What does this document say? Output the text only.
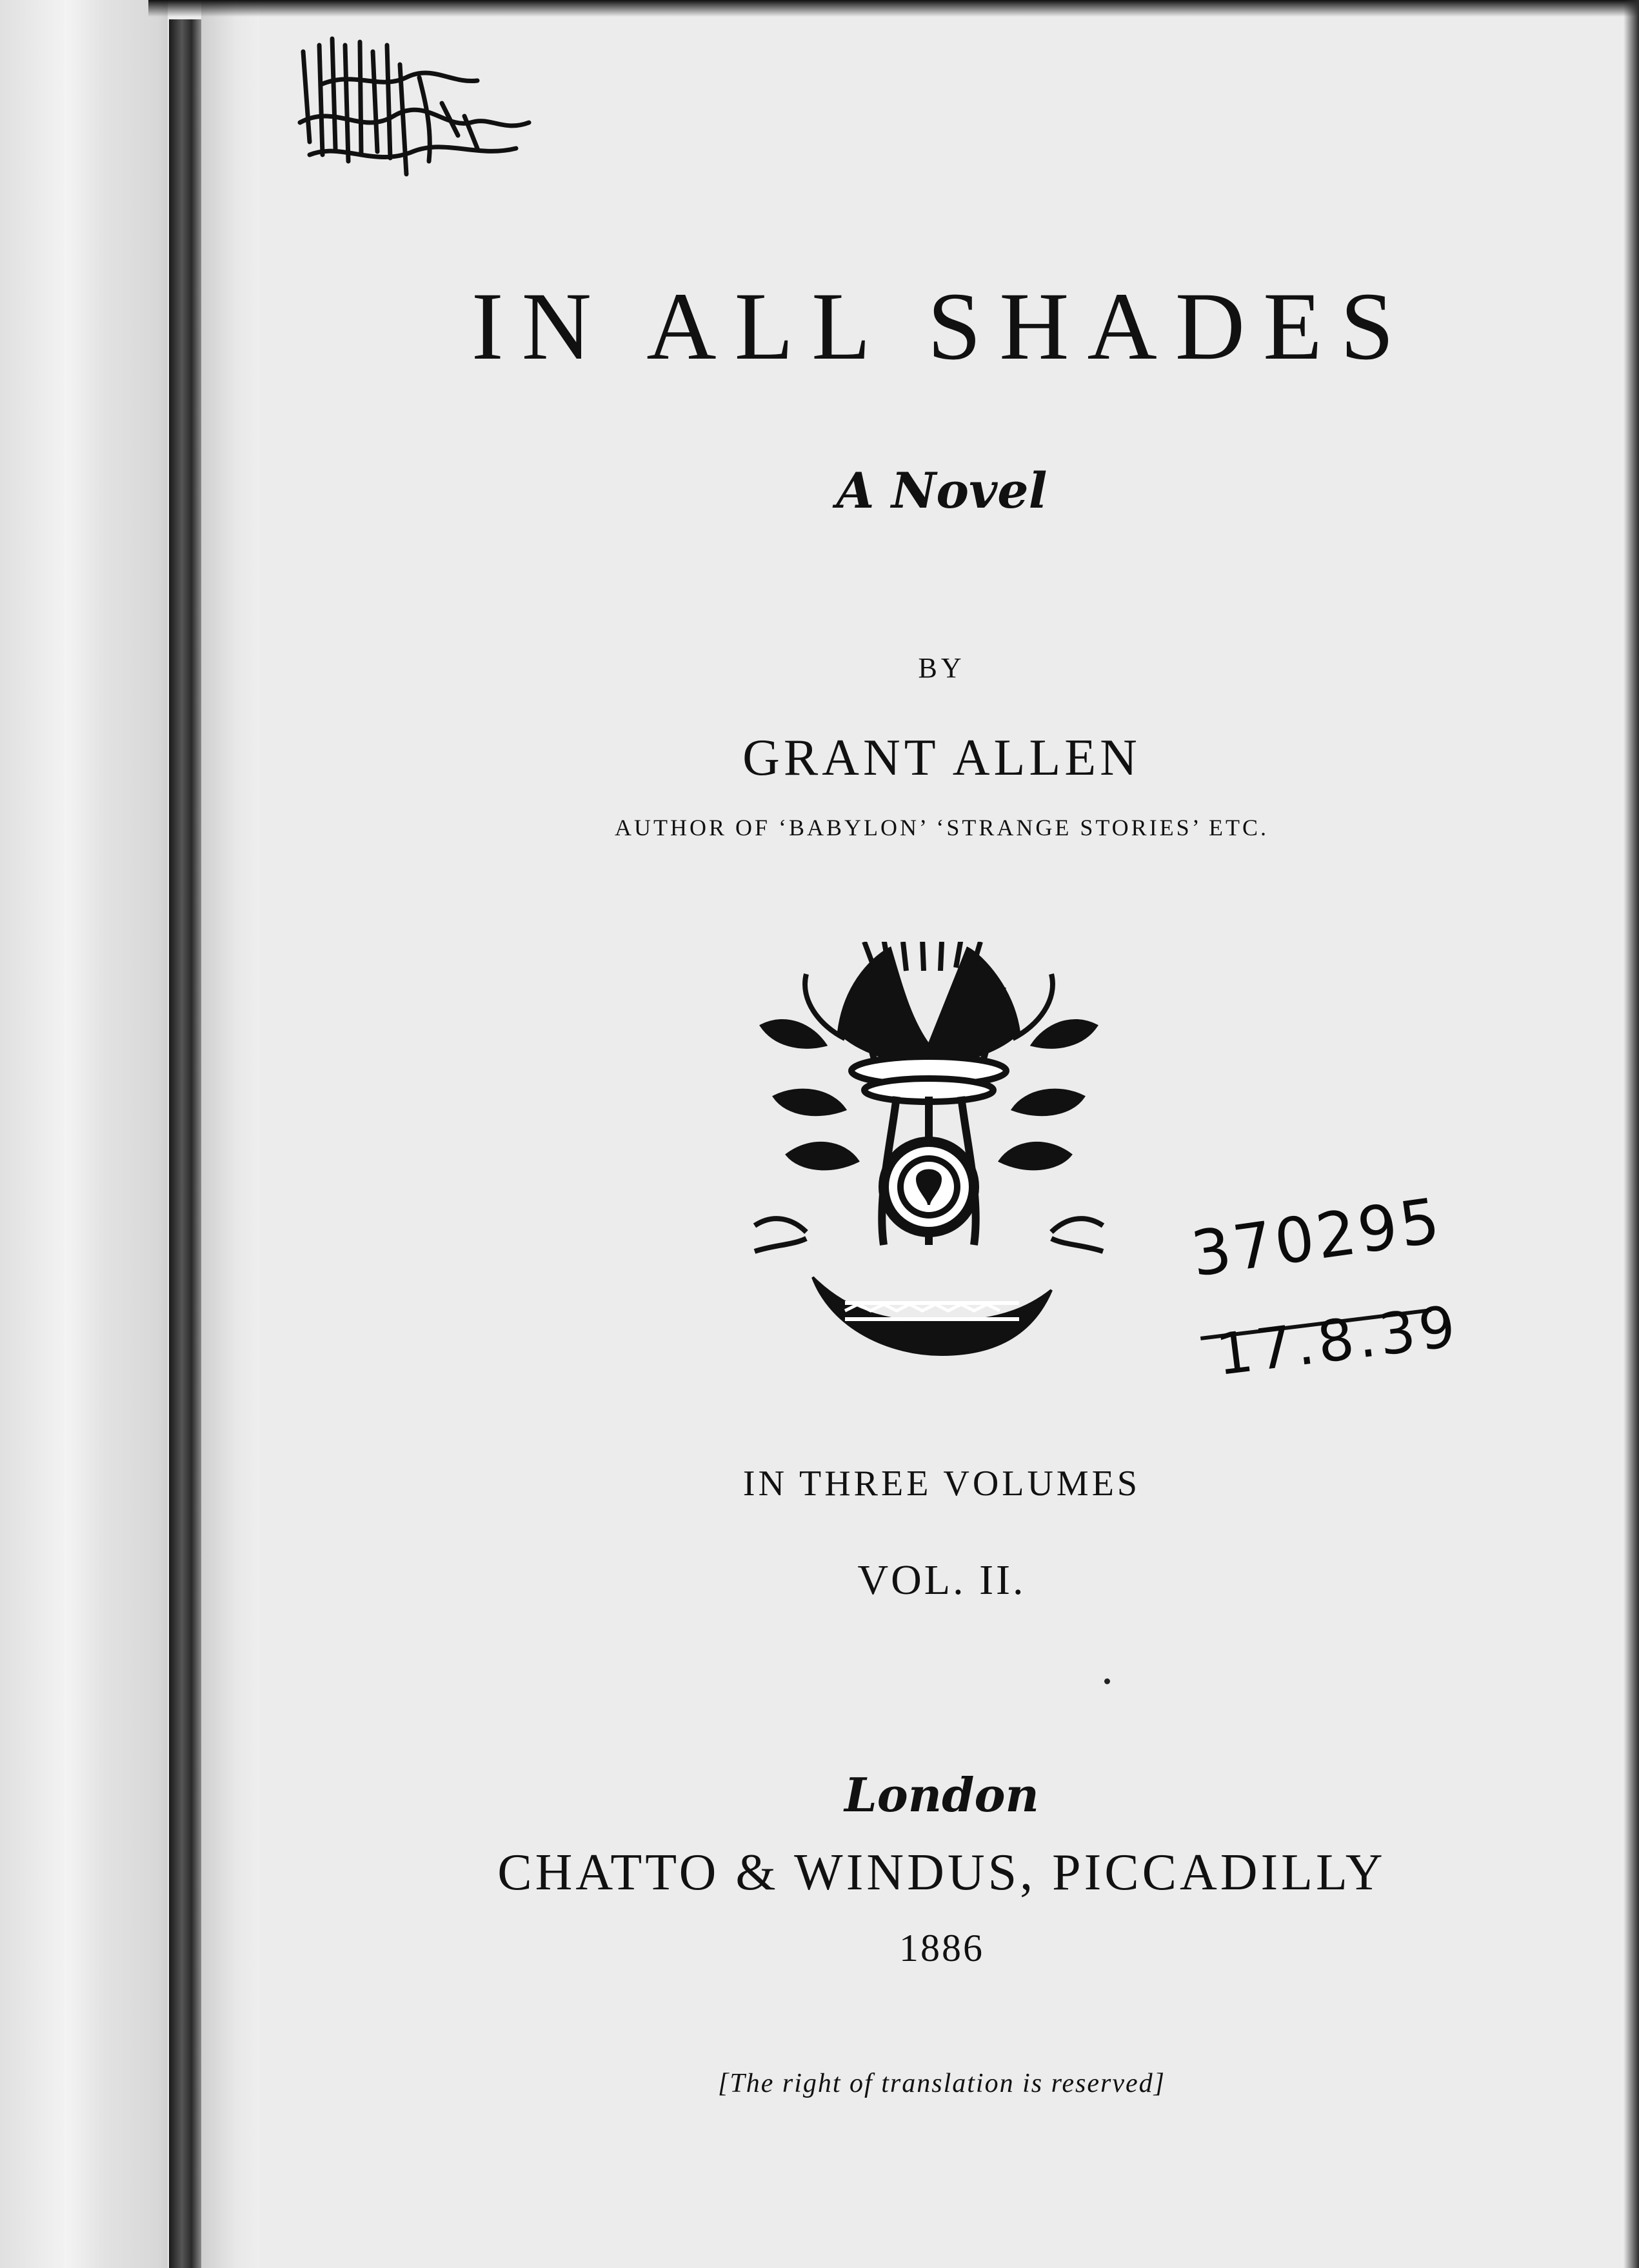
IN ALL SHADES
A Novel
BY
GRANT ALLEN
AUTHOR OF ‘BABYLON’ ‘STRANGE STORIES’ ETC.
370295
17.8.39
IN THREE VOLUMES
VOL. II.
London
CHATTO & WINDUS, PICCADILLY
1886
[The right of translation is reserved]
